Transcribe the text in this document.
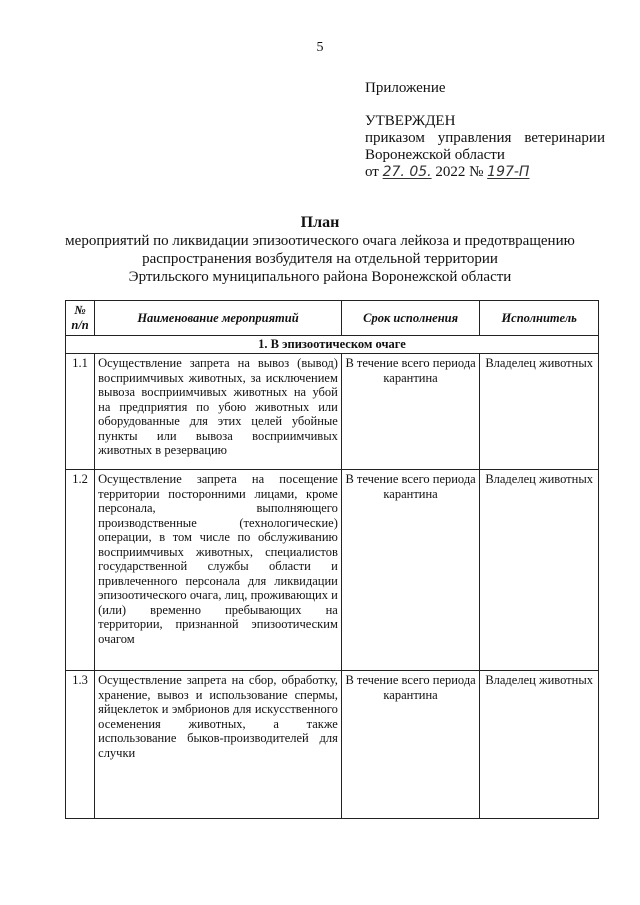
5
Приложение
УТВЕРЖДЕН
приказом управления ветеринарии
Воронежской области
от 27. 05. 2022 № 197-П
План
мероприятий по ликвидации эпизоотического очага лейкоза и предотвращению
распространения возбудителя на отдельной территории
Эртильского муниципального района Воронежской области
№ п/п	Наименование мероприятий	Срок исполнения	Исполнитель
1. В эпизоотическом очаге			
1.1	Осуществление запрета на вывоз (вывод) восприимчивых животных, за исключением вывоза восприимчивых животных на убой на предприятия по убою животных или оборудованные для этих целей убойные пункты или вывоза восприимчивых животных в резервацию	В течение всего периода карантина	Владелец животных
1.2	Осуществление запрета на посещение территории посторонними лицами, кроме персонала, выполняющего производственные (технологические) операции, в том числе по обслуживанию восприимчивых животных, специалистов государственной службы области и привлеченного персонала для ликвидации эпизоотического очага, лиц, проживающих и (или) временно пребывающих на территории, признанной эпизоотическим очагом	В течение всего периода карантина	Владелец животных
1.3	Осуществление запрета на сбор, обработку, хранение, вывоз и использование спермы, яйцеклеток и эмбрионов для искусственного осеменения животных, а также использование быков-производителей для случки	В течение всего периода карантина	Владелец животных
